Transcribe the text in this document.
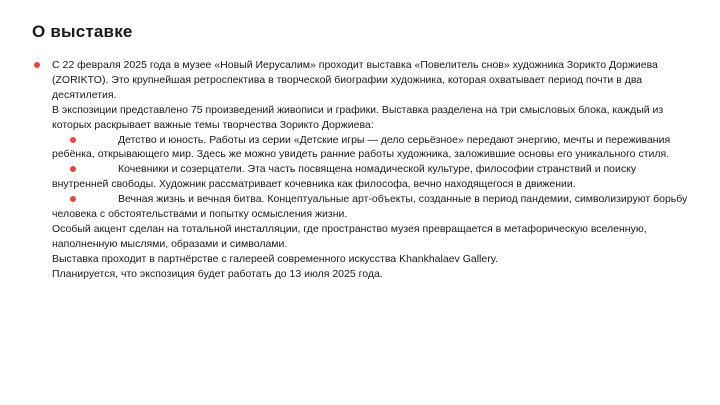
О выставке

С 22 февраля 2025 года в музее «Новый Иерусалим» проходит выставка «Повелитель снов» художника Зорикто Доржиева (ZORIKTO). Это крупнейшая ретроспектива в творческой биографии художника, которая охватывает период почти в два десятилетия.

В экспозиции представлено 75 произведений живописи и графики. Выставка разделена на три смысловых блока, каждый из которых раскрывает важные темы творчества Зорикто Доржиева:

Детство и юность. Работы из серии «Детские игры — дело серьёзное» передают энергию, мечты и переживания ребёнка, открывающего мир. Здесь же можно увидеть ранние работы художника, заложившие основы его уникального стиля.

Кочевники и созерцатели. Эта часть посвящена номадической культуре, философии странствий и поиску внутренней свободы. Художник рассматривает кочевника как философа, вечно находящегося в движении.

Вечная жизнь и вечная битва. Концептуальные арт-объекты, созданные в период пандемии, символизируют борьбу человека с обстоятельствами и попытку осмысления жизни.

Особый акцент сделан на тотальной инсталляции, где пространство музея превращается в метафорическую вселенную, наполненную мыслями, образами и символами.

Выставка проходит в партнёрстве с галереей современного искусства Khankhalaev Gallery.

Планируется, что экспозиция будет работать до 13 июля 2025 года.
